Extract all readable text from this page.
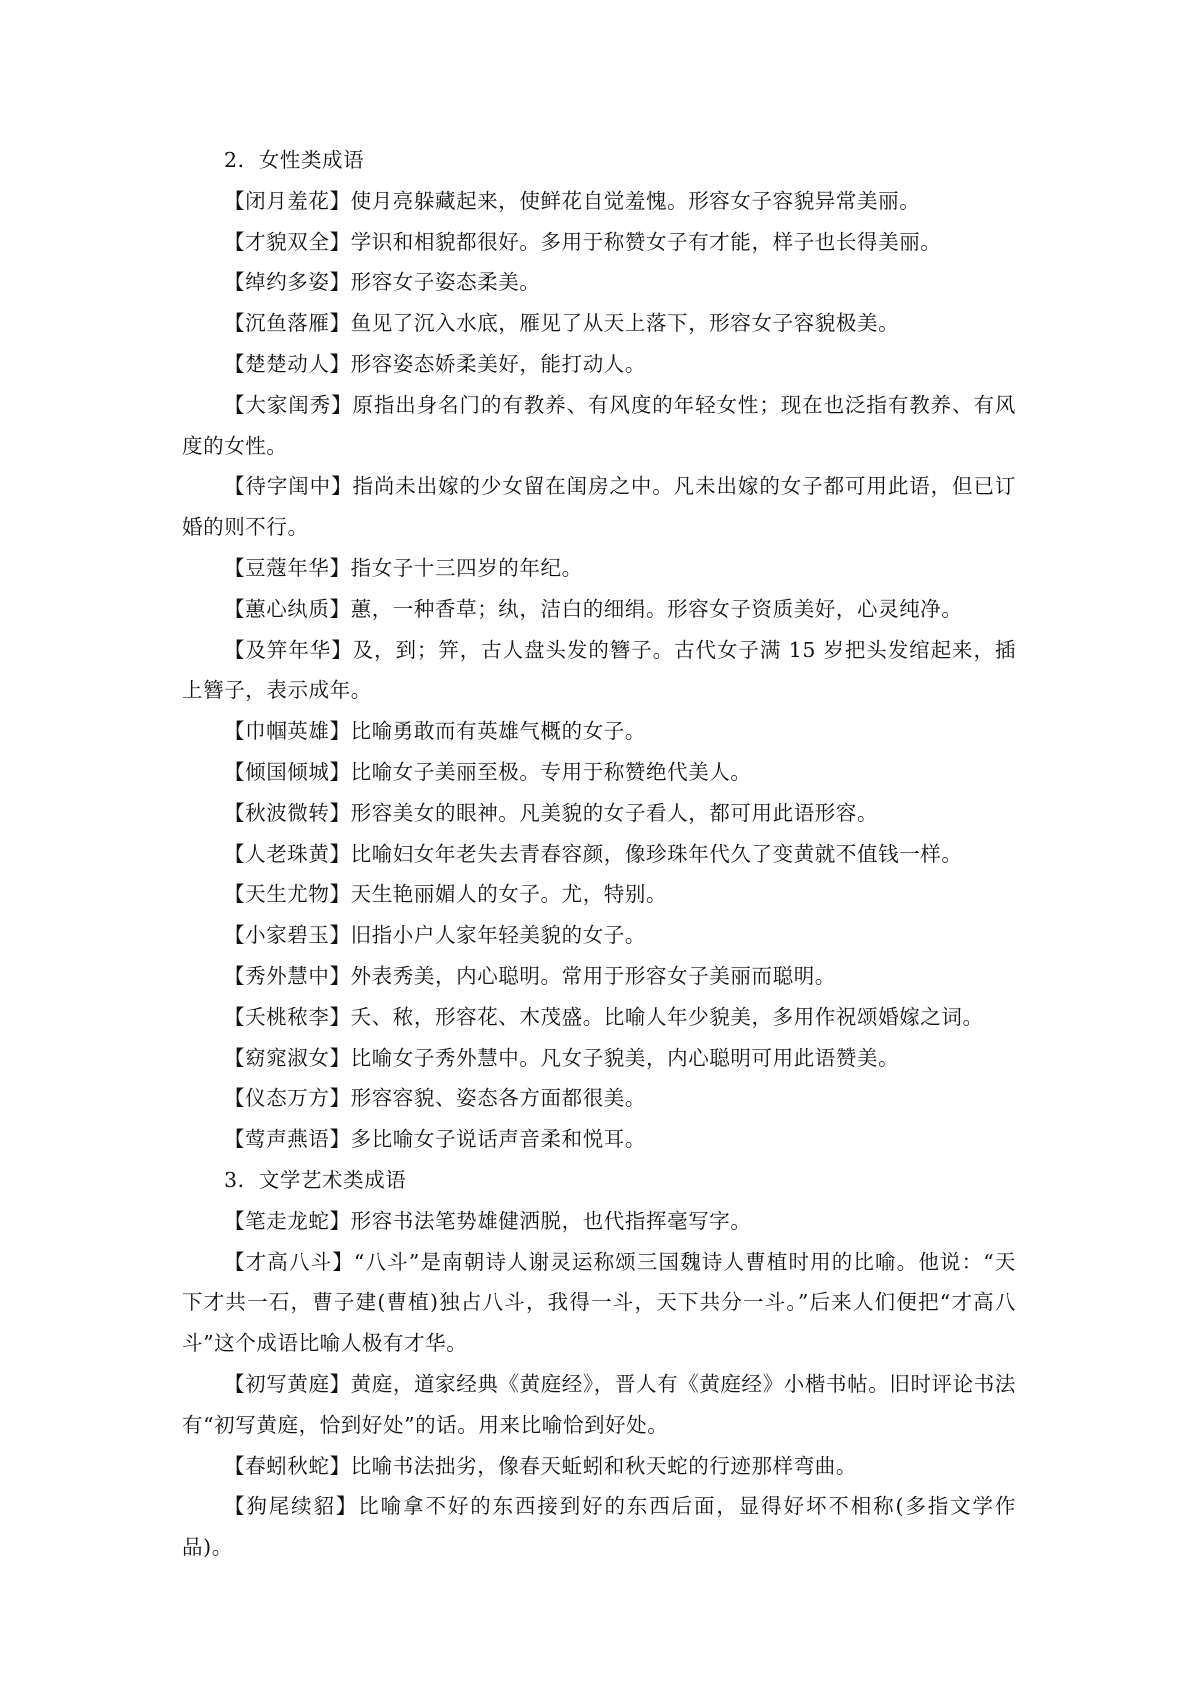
2．女性类成语
【闭月羞花】使月亮躲藏起来，使鲜花自觉羞愧。形容女子容貌异常美丽。
【才貌双全】学识和相貌都很好。多用于称赞女子有才能，样子也长得美丽。
【绰约多姿】形容女子姿态柔美。
【沉鱼落雁】鱼见了沉入水底，雁见了从天上落下，形容女子容貌极美。
【楚楚动人】形容姿态娇柔美好，能打动人。
【大家闺秀】原指出身名门的有教养、有风度的年轻女性；现在也泛指有教养、有风度的女性。
【待字闺中】指尚未出嫁的少女留在闺房之中。凡未出嫁的女子都可用此语，但已订婚的则不行。
【豆蔻年华】指女子十三四岁的年纪。
【蕙心纨质】蕙，一种香草；纨，洁白的细绢。形容女子资质美好，心灵纯净。
【及笄年华】及，到；笄，古人盘头发的簪子。古代女子满 15 岁把头发绾起来，插上簪子，表示成年。
【巾帼英雄】比喻勇敢而有英雄气概的女子。
【倾国倾城】比喻女子美丽至极。专用于称赞绝代美人。
【秋波微转】形容美女的眼神。凡美貌的女子看人，都可用此语形容。
【人老珠黄】比喻妇女年老失去青春容颜，像珍珠年代久了变黄就不值钱一样。
【天生尤物】天生艳丽媚人的女子。尤，特别。
【小家碧玉】旧指小户人家年轻美貌的女子。
【秀外慧中】外表秀美，内心聪明。常用于形容女子美丽而聪明。
【夭桃秾李】夭、秾，形容花、木茂盛。比喻人年少貌美，多用作祝颂婚嫁之词。
【窈窕淑女】比喻女子秀外慧中。凡女子貌美，内心聪明可用此语赞美。
【仪态万方】形容容貌、姿态各方面都很美。
【莺声燕语】多比喻女子说话声音柔和悦耳。
3．文学艺术类成语
【笔走龙蛇】形容书法笔势雄健洒脱，也代指挥毫写字。
【才高八斗】“八斗”是南朝诗人谢灵运称颂三国魏诗人曹植时用的比喻。他说：“天下才共一石，曹子建(曹植)独占八斗，我得一斗，天下共分一斗。”后来人们便把“才高八斗”这个成语比喻人极有才华。
【初写黄庭】黄庭，道家经典《黄庭经》，晋人有《黄庭经》小楷书帖。旧时评论书法有“初写黄庭，恰到好处”的话。用来比喻恰到好处。
【春蚓秋蛇】比喻书法拙劣，像春天蚯蚓和秋天蛇的行迹那样弯曲。
【狗尾续貂】比喻拿不好的东西接到好的东西后面，显得好坏不相称(多指文学作品)。
